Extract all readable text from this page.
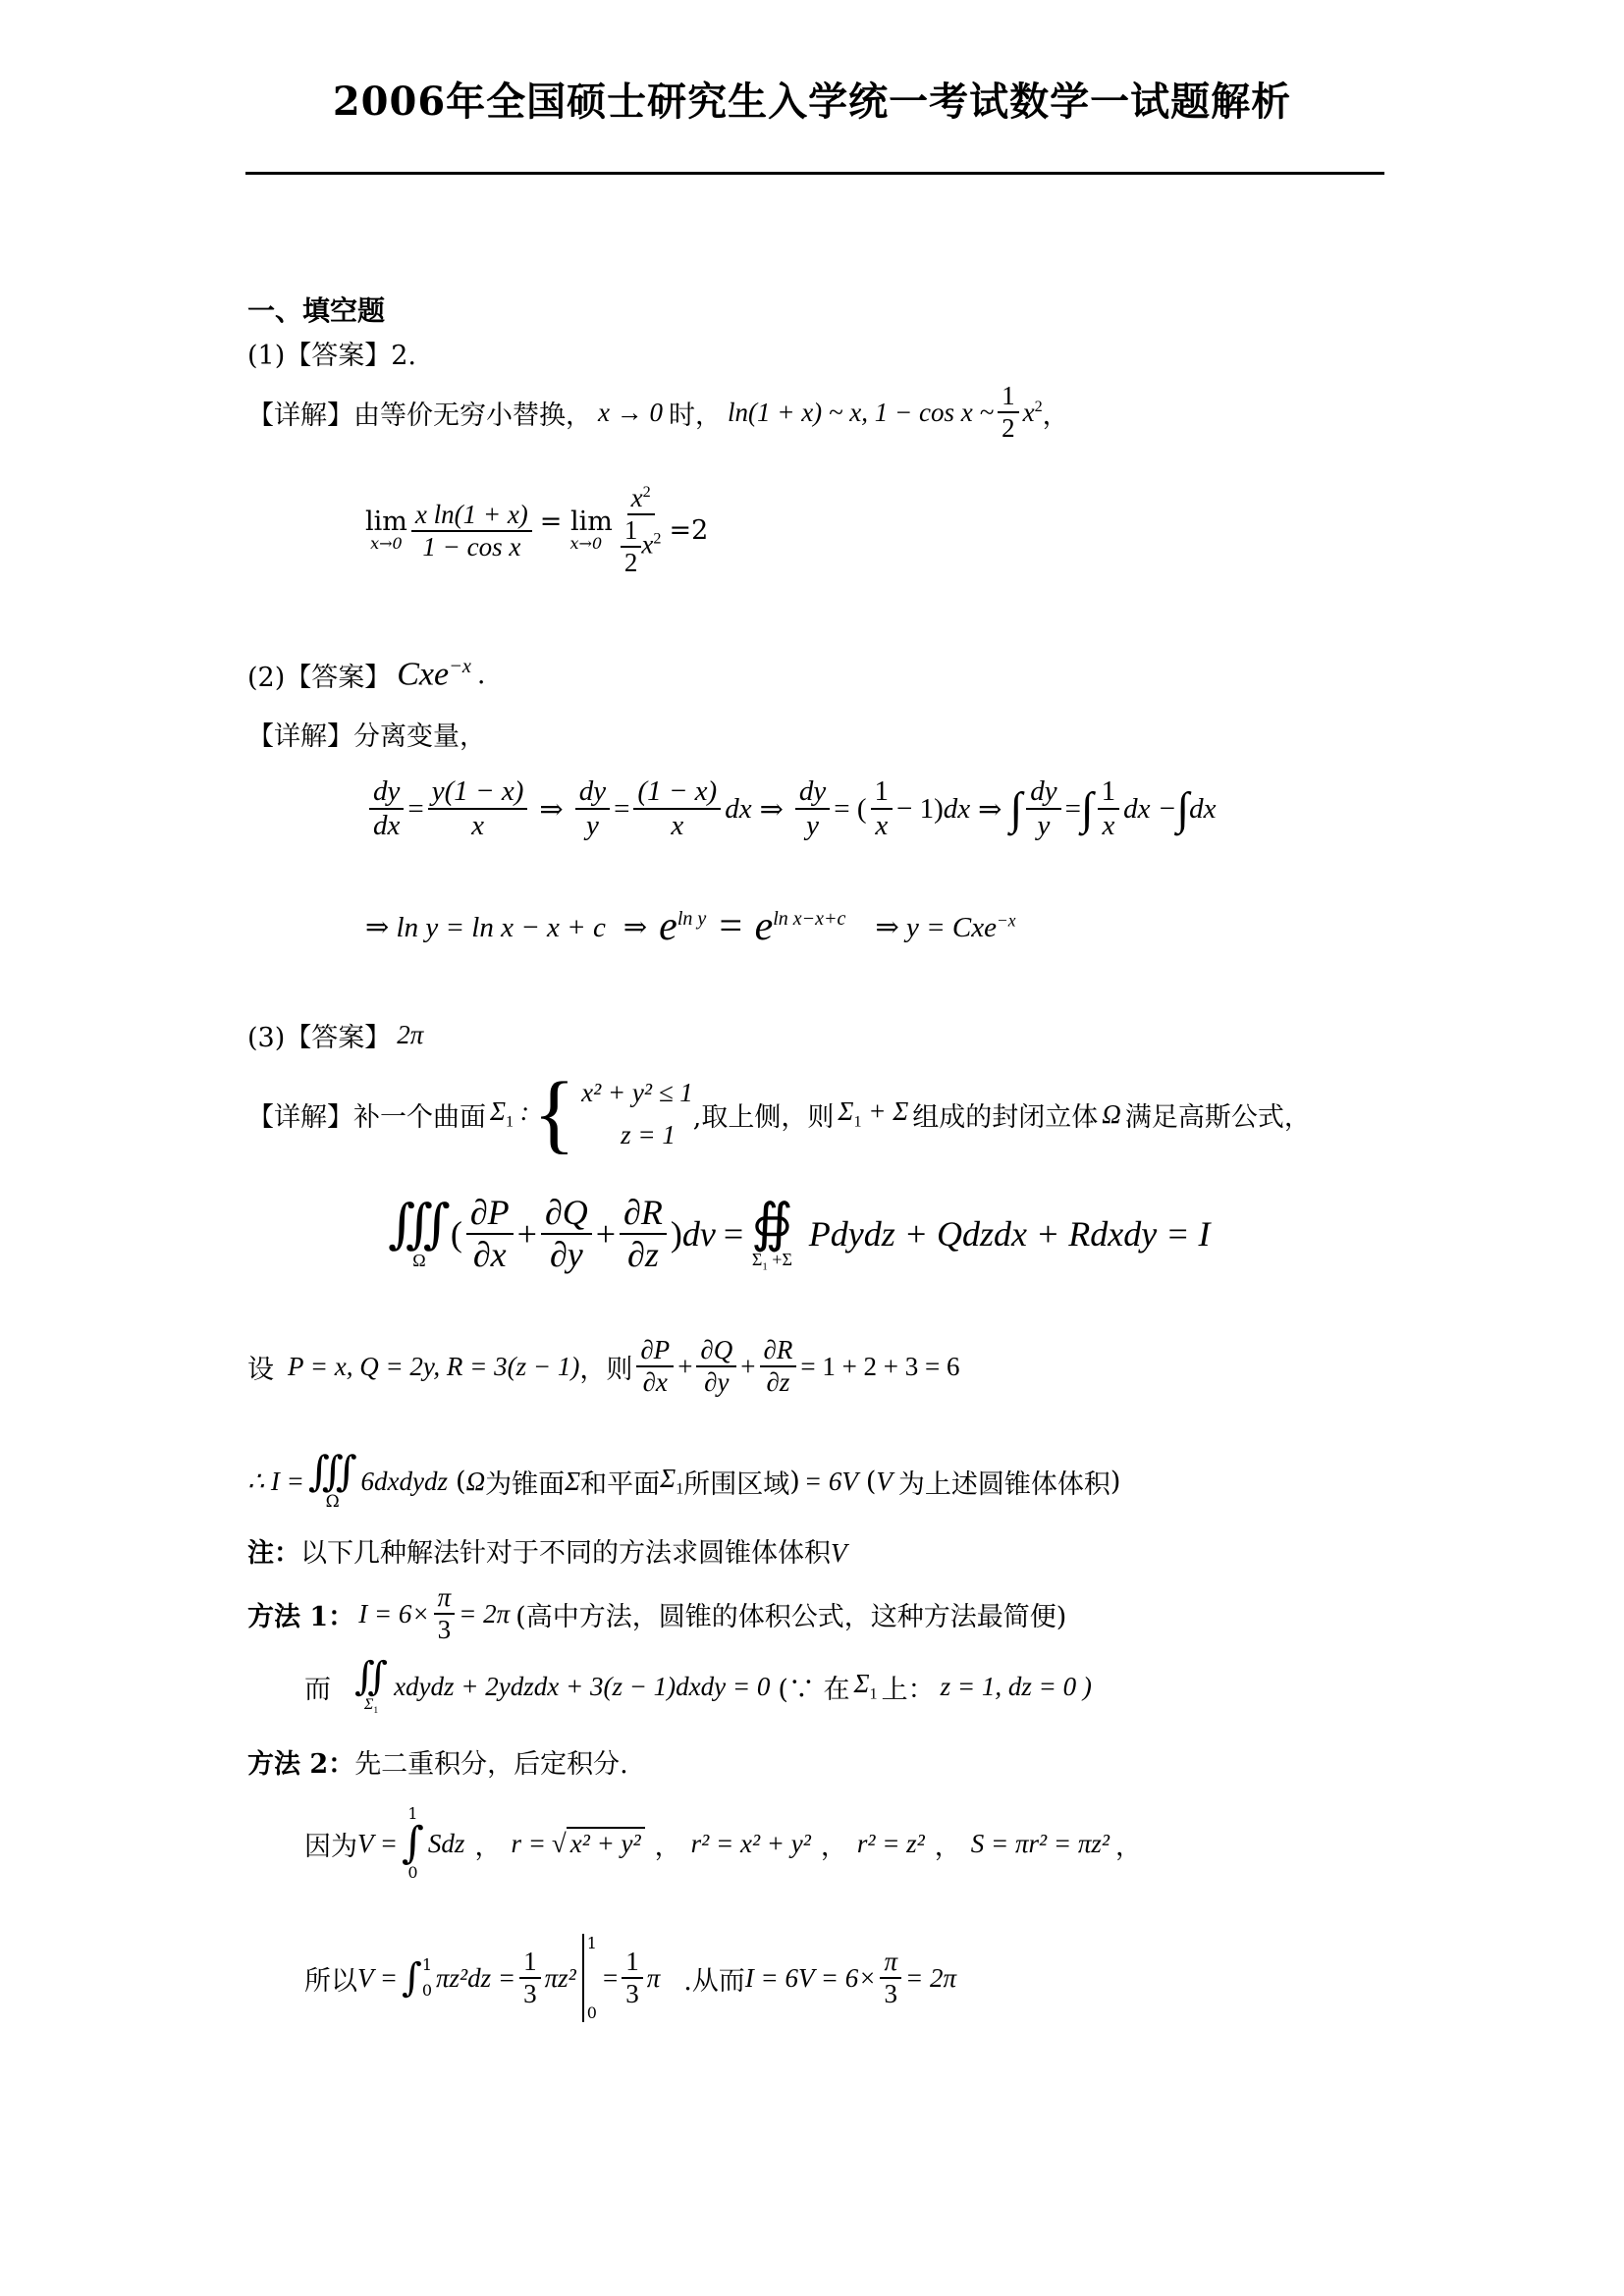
2006年全国硕士研究生入学统一考试数学一试题解析
一、填空题
(1)【答案】2.
【详解】 由等价无穷小替换， x → 0 时， ln(1 + x) ~ x, 1 − cos x ~ $\frac{1}{2} x^2$ ，
lim
$x\to 0 \frac{\text{x ln(1 + x)}}{\text{1 − cos x}} = \lim$
$x\to 0 \frac{x^2}{\frac{1}{2} x^2} =2$
(2)【答案】 Cxe$^{-x}$ .
【详解】分离变量，
$\frac{dy}{dx} = \frac{y(1 - x)}{x}$ ⇒ $\frac{dy}{y} = \frac{(1 - x)}{x}$ dx ⇒ $\frac{dy}{y}$ = ( $\frac{1}{x} - 1$) dx ⇒ ∫ $\frac{dy}{y}$ = ∫ $\frac{1}{x}$ dx − ∫ dx
⇒ ln y = ln x − x + c ⇒ $e^{ln y} = e^{ln x-x+c}$ ⇒ y = Cxe$^{-x}$
(3)【答案】 2π
【详解】 补一个曲面 $\Sigma_1$ : { x² + y² ≤ 1
z = 1
,取上侧，则 $\Sigma_1 + \Sigma$ 组成的封闭立体 Ω 满足高斯公式，
∭
Ω
( $\frac{\partial P}{\partial x} + \frac{\partial Q}{\partial y} + \frac{\partial R}{\partial z}$ ) dv = ∯
$\Sigma_1 +\Sigma$
Pdydz + Qdzdx + Rdxdy = I
设 P = x, Q = 2y, R = 3(z − 1) ，则 $\frac{\partial P}{\partial x} + \frac{\partial Q}{\partial y} + \frac{\partial R}{\partial z} = 1 + 2 + 3 = 6$
∴ I = ∭
Ω
6dxdydz ( Ω 为锥面 Σ 和平面 $\Sigma_1$ 所围区域 ) = 6V ( V 为上述圆锥体体积 )
注：以下几种解法针对于不同的方法求圆锥体体积V
方法 1： $I = 6\times \frac{\pi}{3} = 2\pi$ (高中方法，圆锥的体积公式，这种方法最简便)
而 ∬
$\Sigma_1$
xdydz + 2ydzdx + 3(z − 1)dxdy = 0 (∵ 在 $\Sigma_1$ 上： z = 1, dz = 0 )
方法 2：先二重积分，后定积分.
因为 V =
1
∫
0
Sdz ， r = √ x² + y² ， r² = x² + y² ， r² = z² ， S = πr² = πz² ，
所以 V = ∫ 1
0 $\pi z^2dz = \frac{1}{3} \pi z^2$
1
0
= $\frac{1}{3}$ π .从而 $I = 6V = 6\times \frac{\pi}{3} = 2\pi$
